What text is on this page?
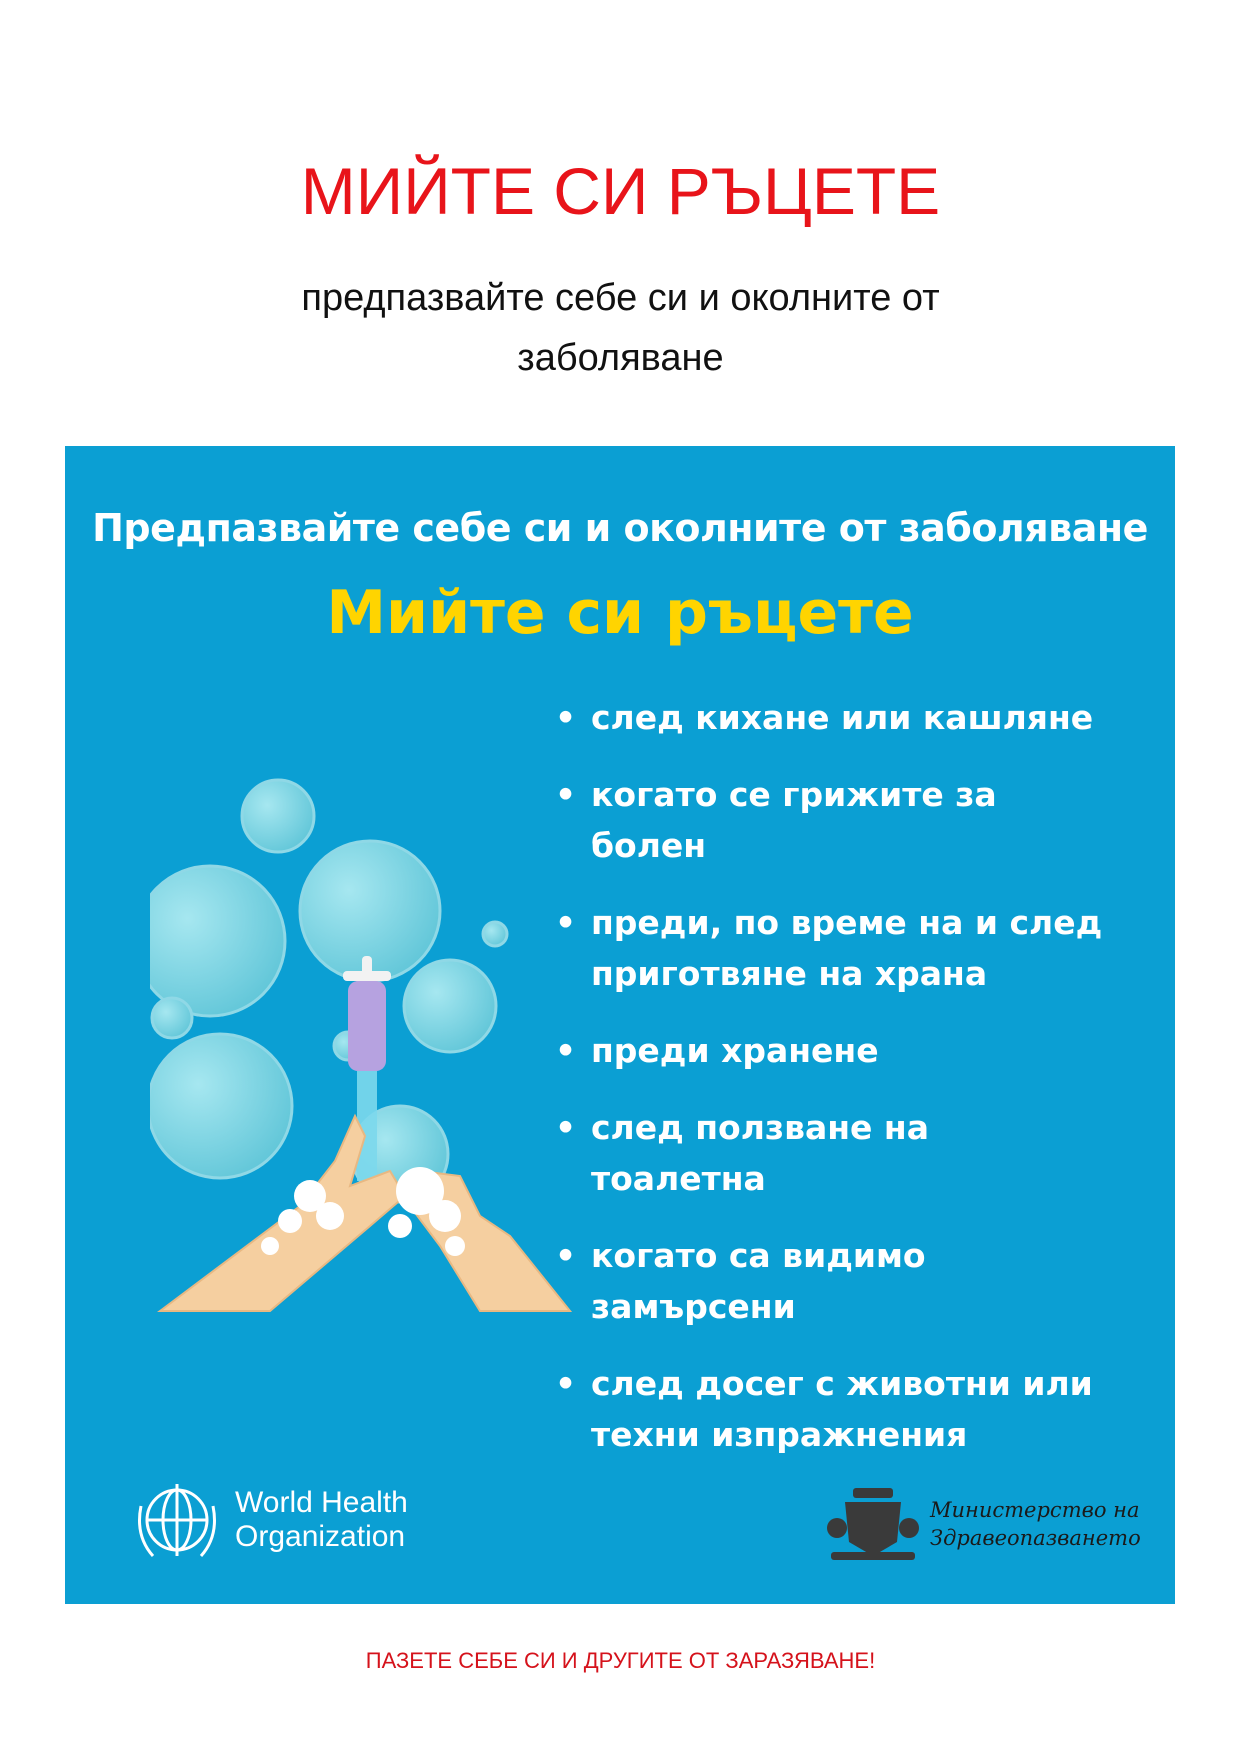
МИЙТЕ СИ РЪЦЕТЕ
предпазвайте себе си и околните от
заболяване
Предпазвайте себе си и околните от заболяване
Мийте си ръцете
• след кихане или кашляне
• когато се грижите за
болен
• преди, по време на и след
приготвяне на храна
• преди хранене
• след ползване на
тоалетна
• когато са видимо
замърсени
• след досег с животни или
техни изпражнения
World Health
Organization
Министерство на
Здравеопазването
ПАЗЕТЕ СЕБЕ СИ И ДРУГИТЕ ОТ ЗАРАЗЯВАНЕ!
